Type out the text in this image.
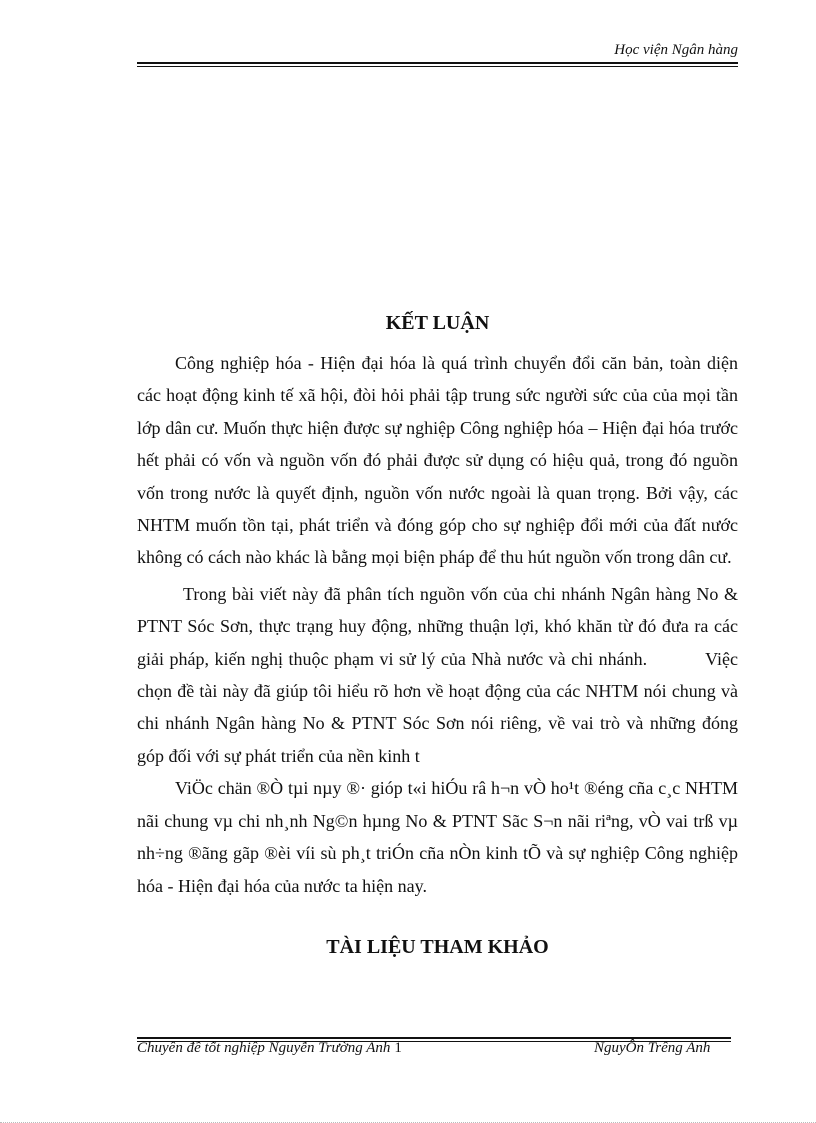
Học viện Ngân hàng
KẾT LUẬN

Công nghiệp hóa - Hiện đại hóa là quá trình chuyển đổi căn bản, toàn diện các hoạt động kinh tế xã hội, đòi hỏi phải tập trung sức người sức của của mọi tần lớp dân cư. Muốn thực hiện được sự nghiệp Công nghiệp hóa – Hiện đại hóa trước hết phải có vốn và nguồn vốn đó phải được sử dụng có hiệu quả, trong đó nguồn vốn trong nước là quyết định, nguồn vốn nước ngoài là quan trọng. Bởi vậy, các NHTM muốn tồn tại, phát triển và đóng góp cho sự nghiệp đổi mới của đất nước không có cách nào khác là bằng mọi biện pháp để thu hút nguồn vốn trong dân cư.

Trong bài viết này đã phân tích nguồn vốn của chi nhánh Ngân hàng No & PTNT Sóc Sơn, thực trạng huy động, những thuận lợi, khó khăn từ đó đưa ra các giải pháp, kiến nghị thuộc phạm vi sử lý của Nhà nước và chi nhánh.	Việc chọn đề tài này đã giúp tôi hiểu rõ hơn về hoạt động của các NHTM nói chung và chi nhánh Ngân hàng No & PTNT Sóc Sơn nói riêng, về vai trò và những đóng góp đối với sự phát triển của nền kinh t

ViÖc chän ®Ò tµi nµy ®· gióp t«i hiÓu râ h¬n vÒ ho¹t ®éng cña c¸c NHTM nãi chung vµ chi nh¸nh Ng©n hµng No & PTNT Sãc S¬n nãi riªng, vÒ vai trß vµ nh÷ng ®ãng gãp ®èi víi sù ph¸t triÓn cña nÒn kinh tÕ và sự nghiệp Công nghiệp hóa - Hiện đại hóa của nước ta hiện nay.

TÀI LIỆU THAM KHẢO
Chuyên đề tốt nghiệp Nguyễn Trường Anh 1	NguyÔn Trêng Anh
